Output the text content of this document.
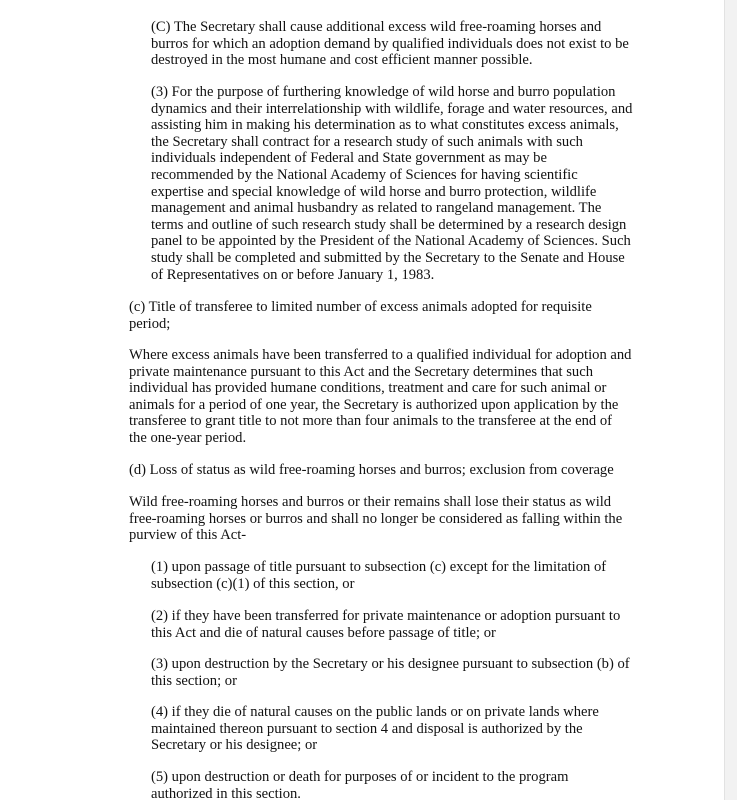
(C) The Secretary shall cause additional excess wild free-roaming horses and
burros for which an adoption demand by qualified individuals does not exist to be
destroyed in the most humane and cost efficient manner possible.

(3) For the purpose of furthering knowledge of wild horse and burro population
dynamics and their interrelationship with wildlife, forage and water resources, and
assisting him in making his determination as to what constitutes excess animals,
the Secretary shall contract for a research study of such animals with such
individuals independent of Federal and State government as may be
recommended by the National Academy of Sciences for having scientific
expertise and special knowledge of wild horse and burro protection, wildlife
management and animal husbandry as related to rangeland management. The
terms and outline of such research study shall be determined by a research design
panel to be appointed by the President of the National Academy of Sciences. Such
study shall be completed and submitted by the Secretary to the Senate and House
of Representatives on or before January 1, 1983.

(c) Title of transferee to limited number of excess animals adopted for requisite
period;

Where excess animals have been transferred to a qualified individual for adoption and
private maintenance pursuant to this Act and the Secretary determines that such
individual has provided humane conditions, treatment and care for such animal or
animals for a period of one year, the Secretary is authorized upon application by the
transferee to grant title to not more than four animals to the transferee at the end of
the one-year period.

(d) Loss of status as wild free-roaming horses and burros; exclusion from coverage

Wild free-roaming horses and burros or their remains shall lose their status as wild
free-roaming horses or burros and shall no longer be considered as falling within the
purview of this Act-

(1) upon passage of title pursuant to subsection (c) except for the limitation of
subsection (c)(1) of this section, or

(2) if they have been transferred for private maintenance or adoption pursuant to
this Act and die of natural causes before passage of title; or

(3) upon destruction by the Secretary or his designee pursuant to subsection (b) of
this section; or

(4) if they die of natural causes on the public lands or on private lands where
maintained thereon pursuant to section 4 and disposal is authorized by the
Secretary or his designee; or

(5) upon destruction or death for purposes of or incident to the program
authorized in this section.
